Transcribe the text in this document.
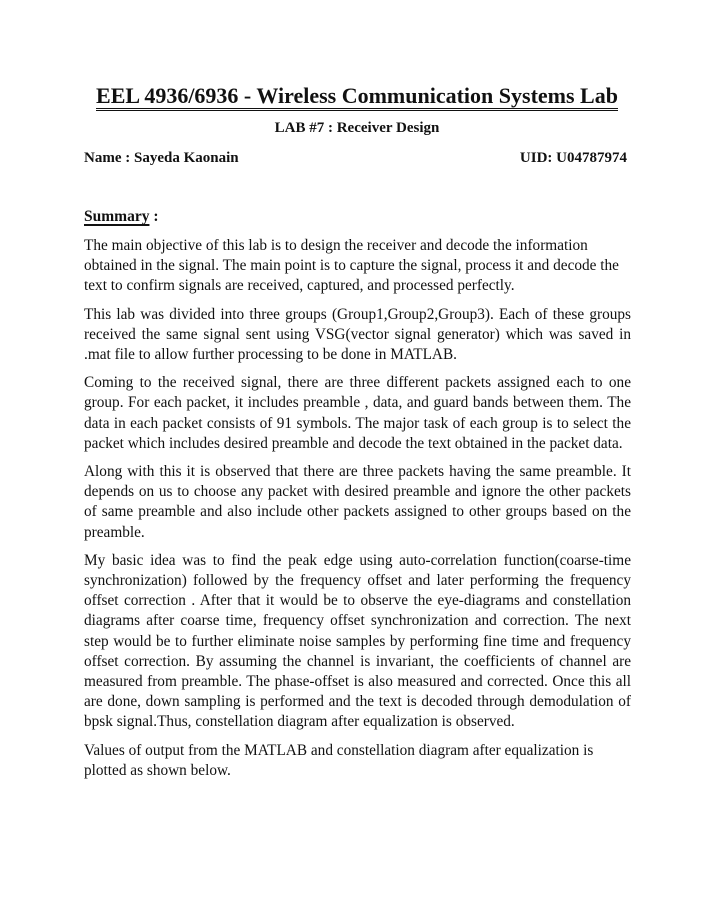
EEL 4936/6936 - Wireless Communication Systems Lab
LAB #7 : Receiver Design
Name : Sayeda Kaonain	UID: U04787974
Summary :

The main objective of this lab is to design the receiver and decode the information obtained in the signal. The main point is to capture the signal, process it and decode the text to confirm signals are received, captured, and processed perfectly.

This lab was divided into three groups (Group1,Group2,Group3). Each of these groups received the same signal sent using VSG(vector signal generator) which was saved in .mat file to allow further processing to be done in MATLAB.

Coming to the received signal, there are three different packets assigned each to one group. For each packet, it includes preamble , data, and guard bands between them. The data in each packet consists of 91 symbols. The major task of each group is to select the packet which includes desired preamble and decode the text obtained in the packet data.

Along with this it is observed that there are three packets having the same preamble. It depends on us to choose any packet with desired preamble and ignore the other packets of same preamble and also include other packets assigned to other groups based on the preamble.

My basic idea was to find the peak edge using auto-correlation function(coarse-time synchronization) followed by the frequency offset and later performing the frequency offset correction . After that it would be to observe the eye-diagrams and constellation diagrams after coarse time, frequency offset synchronization and correction. The next step would be to further eliminate noise samples by performing fine time and frequency offset correction. By assuming the channel is invariant, the coefficients of channel are measured from preamble. The phase-offset is also measured and corrected. Once this all are done, down sampling is performed and the text is decoded through demodulation of bpsk signal.Thus, constellation diagram after equalization is observed.

Values of output from the MATLAB and constellation diagram after equalization is plotted as shown below.
